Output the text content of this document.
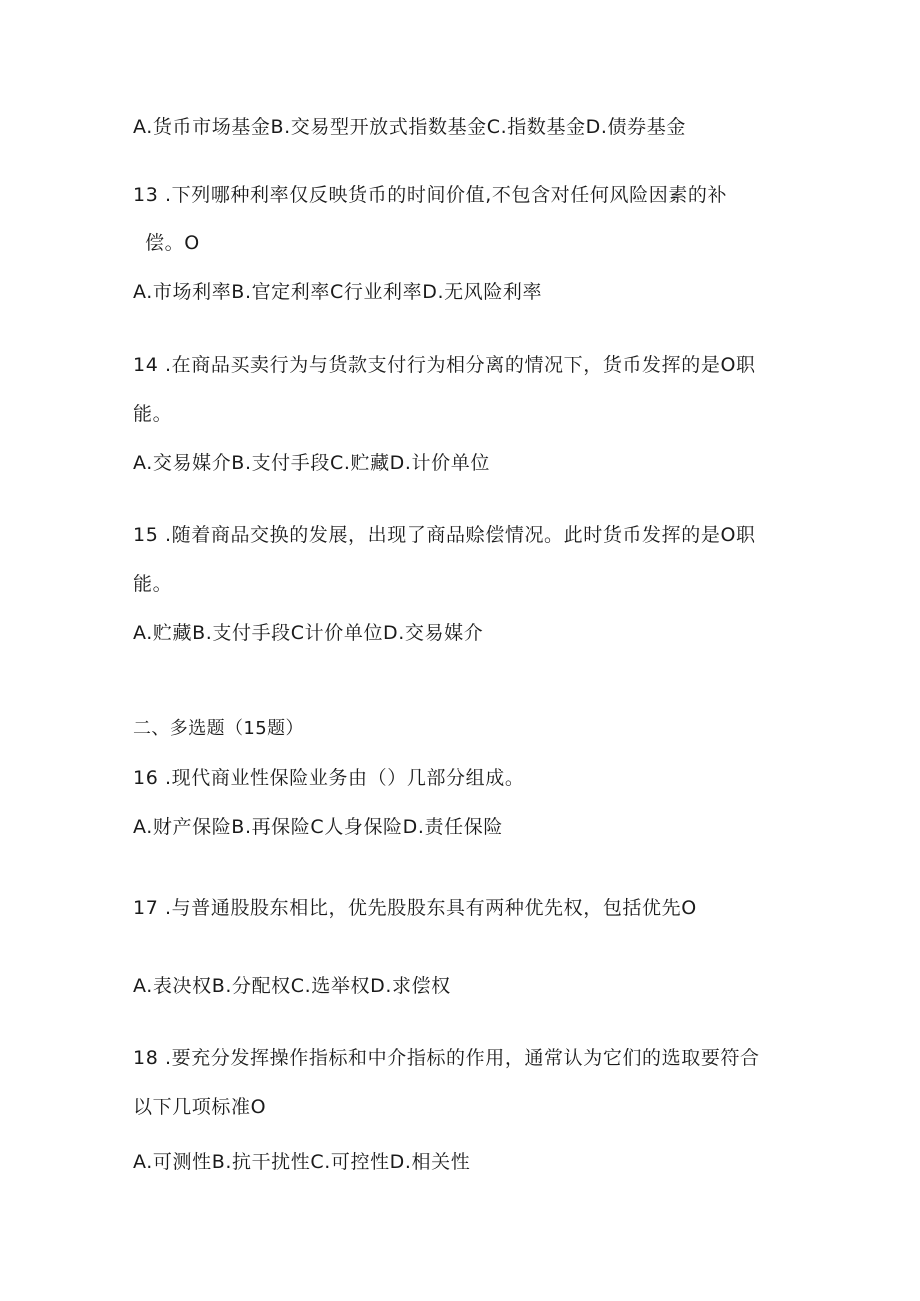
A.货币市场基金B.交易型开放式指数基金C.指数基金D.债券基金
13 .下列哪种利率仅反映货币的时间价值,不包含对任何风险因素的补
偿。O
A.市场利率B.官定利率C行业利率D.无风险利率
14 .在商品买卖行为与货款支付行为相分离的情况下，货币发挥的是O职
能。
A.交易媒介B.支付手段C.贮藏D.计价单位
15 .随着商品交换的发展，出现了商品赊偿情况。此时货币发挥的是O职
能。
A.贮藏B.支付手段C计价单位D.交易媒介
二、多选题（15题）
16 .现代商业性保险业务由（）几部分组成。
A.财产保险B.再保险C人身保险D.责任保险
17 .与普通股股东相比，优先股股东具有两种优先权，包括优先O
A.表决权B.分配权C.选举权D.求偿权
18 .要充分发挥操作指标和中介指标的作用，通常认为它们的选取要符合
以下几项标准O
A.可测性B.抗干扰性C.可控性D.相关性
